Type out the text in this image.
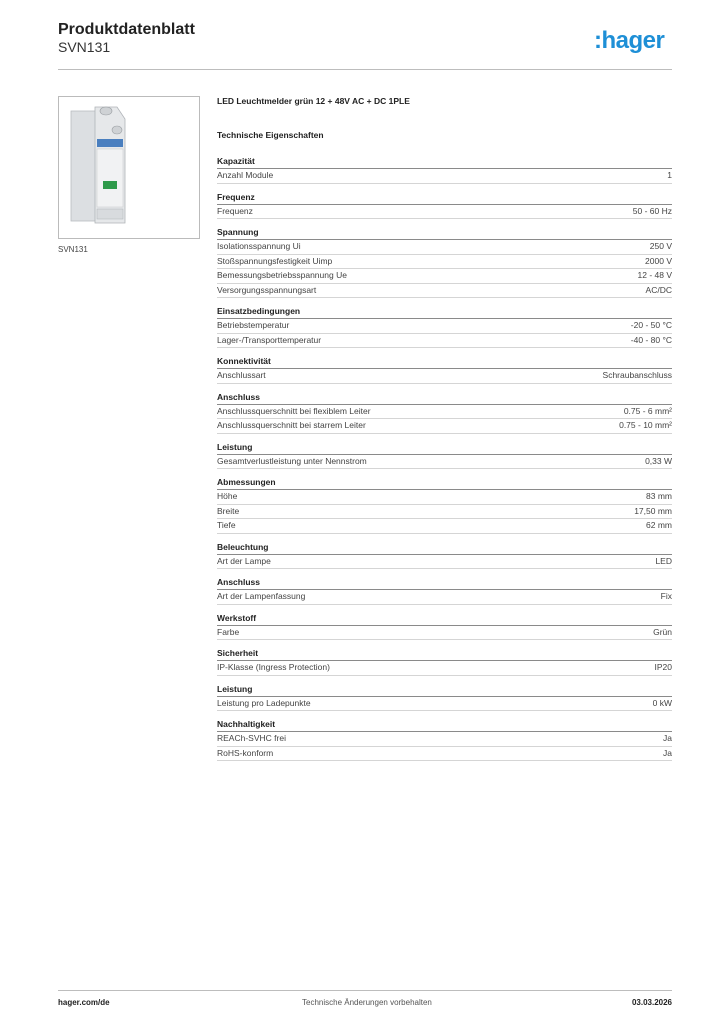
Produktdatenblatt
SVN131	:hager
SVN131
LED Leuchtmelder grün 12 + 48V AC + DC 1PLE
Technische Eigenschaften
Kapazität
Anzahl Module	1
Frequenz
Frequenz	50 - 60 Hz
Spannung
Isolationsspannung Ui	250 V
Stoßspannungsfestigkeit Uimp	2000 V
Bemessungsbetriebsspannung Ue	12 - 48 V
Versorgungsspannungsart	AC/DC
Einsatzbedingungen
Betriebstemperatur	-20 - 50 °C
Lager-/Transporttemperatur	-40 - 80 °C
Konnektivität
Anschlussart	Schraubanschluss
Anschluss
Anschlussquerschnitt bei flexiblem Leiter	0.75 - 6 mm²
Anschlussquerschnitt bei starrem Leiter	0.75 - 10 mm²
Leistung
Gesamtverlustleistung unter Nennstrom	0,33 W
Abmessungen
Höhe	83 mm
Breite	17,50 mm
Tiefe	62 mm
Beleuchtung
Art der Lampe	LED
Anschluss
Art der Lampenfassung	Fix
Werkstoff
Farbe	Grün
Sicherheit
IP-Klasse (Ingress Protection)	IP20
Leistung
Leistung pro Ladepunkte	0 kW
Nachhaltigkeit
REACh-SVHC frei	Ja
RoHS-konform	Ja
hager.com/de	Technische Änderungen vorbehalten	03.03.2026
